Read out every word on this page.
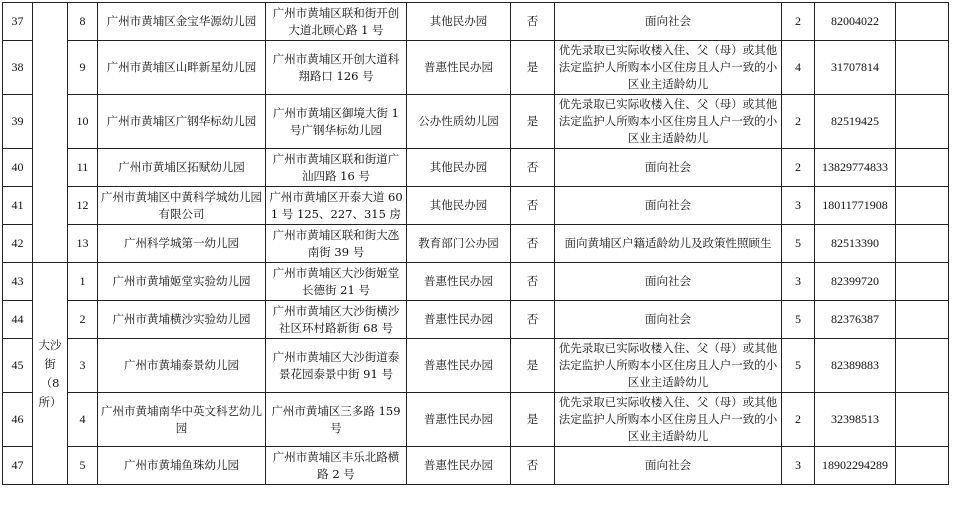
37		8	广州市黄埔区金宝华源幼儿园	广州市黄埔区联和街开创大道北顾心路 1 号	其他民办园	否	面向社会	2	82004022	
38		9	广州市黄埔区山畔新星幼儿园	广州市黄埔区开创大道科翔路口 126 号	普惠性民办园	是	优先录取已实际收楼入住、父（母）或其他法定监护人所购本小区住房且人户一致的小区业主适龄幼儿	4	31707814	
39		10	广州市黄埔区广钢华标幼儿园	广州市黄埔区御境大街 1 号广钢华标幼儿园	公办性质幼儿园	是	优先录取已实际收楼入住、父（母）或其他法定监护人所购本小区住房且人户一致的小区业主适龄幼儿	2	82519425	
40		11	广州市黄埔区拓赋幼儿园	广州市黄埔区联和街道广汕四路 16 号	其他民办园	否	面向社会	2	13829774833	
41		12	广州市黄埔区中黄科学城幼儿园有限公司	广州市黄埔区开泰大道 601 号 125、227、315 房	其他民办园	否	面向社会	3	18011771908	
42		13	广州科学城第一幼儿园	广州市黄埔区联和街大氹南街 39 号	教育部门公办园	否	面向黄埔区户籍适龄幼儿及政策性照顾生	5	82513390	
43	大沙街（8所）	1	广州市黄埔姬堂实验幼儿园	广州市黄埔区大沙街姬堂长德街 21 号	普惠性民办园	否	面向社会	3	82399720	
44		2	广州市黄埔横沙实验幼儿园	广州市黄埔区大沙街横沙社区环村路新街 68 号	普惠性民办园	否	面向社会	5	82376387	
45		3	广州市黄埔泰景幼儿园	广州市黄埔区大沙街道泰景花园泰景中街 91 号	普惠性民办园	是	优先录取已实际收楼入住、父（母）或其他法定监护人所购本小区住房且人户一致的小区业主适龄幼儿	5	82389883	
46		4	广州市黄埔南华中英文科艺幼儿园	广州市黄埔区三多路 159 号	普惠性民办园	是	优先录取已实际收楼入住、父（母）或其他法定监护人所购本小区住房且人户一致的小区业主适龄幼儿	2	32398513	
47		5	广州市黄埔鱼珠幼儿园	广州市黄埔区丰乐北路横路 2 号	普惠性民办园	否	面向社会	3	18902294289	
